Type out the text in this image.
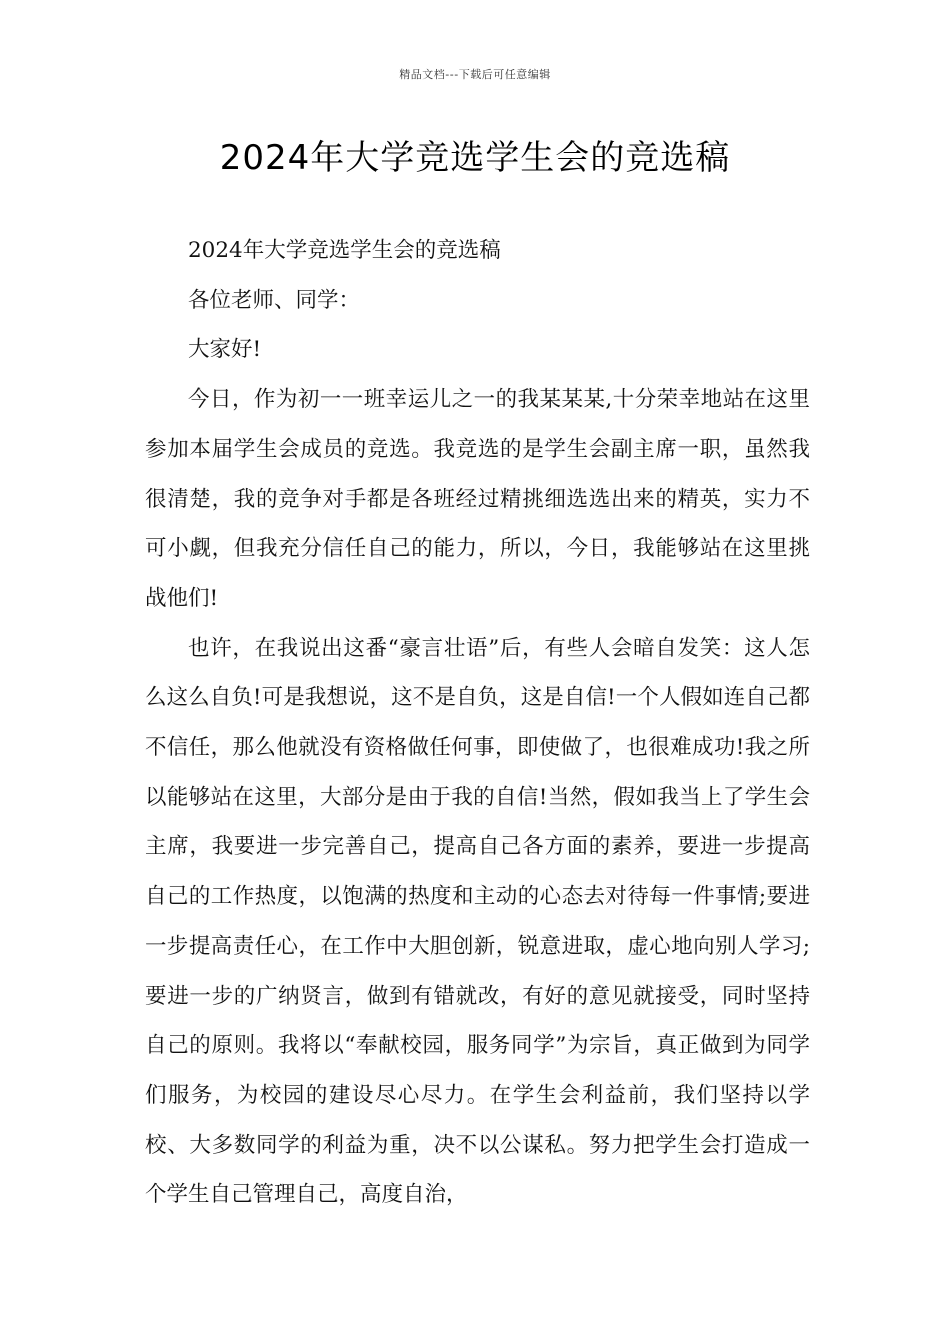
精品文档---下载后可任意编辑
2024年大学竞选学生会的竞选稿

2024年大学竞选学生会的竞选稿

各位老师、同学：

大家好!

今日，作为初一一班幸运儿之一的我某某某,十分荣幸地站在这里参加本届学生会成员的竞选。我竞选的是学生会副主席一职，虽然我很清楚，我的竞争对手都是各班经过精挑细选选出来的精英，实力不可小觑，但我充分信任自己的能力，所以，今日，我能够站在这里挑战他们!

也许，在我说出这番“豪言壮语”后，有些人会暗自发笑：这人怎么这么自负!可是我想说，这不是自负，这是自信!一个人假如连自己都不信任，那么他就没有资格做任何事，即使做了，也很难成功!我之所以能够站在这里，大部分是由于我的自信!当然，假如我当上了学生会主席，我要进一步完善自己，提高自己各方面的素养，要进一步提高自己的工作热度，以饱满的热度和主动的心态去对待每一件事情;要进一步提高责任心，在工作中大胆创新，锐意进取，虚心地向别人学习;要进一步的广纳贤言，做到有错就改，有好的意见就接受，同时坚持自己的原则。我将以“奉献校园，服务同学”为宗旨，真正做到为同学们服务，为校园的建设尽心尽力。在学生会利益前，我们坚持以学校、大多数同学的利益为重，决不以公谋私。努力把学生会打造成一个学生自己管理自己，高度自治，
